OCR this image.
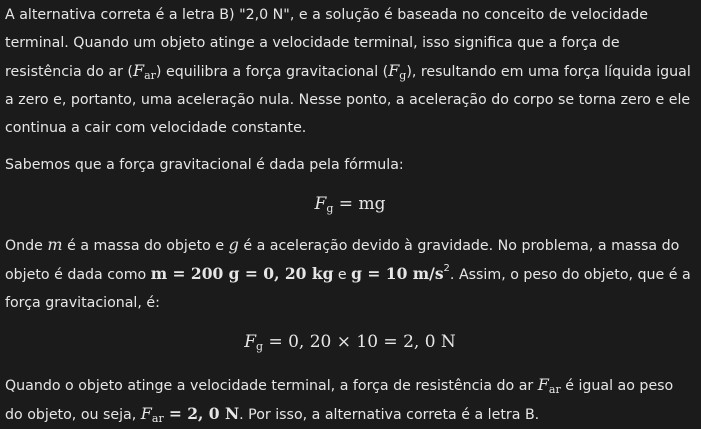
A alternativa correta é a letra B) "2,0 N", e a solução é baseada no conceito de velocidade terminal. Quando um objeto atinge a velocidade terminal, isso significa que a força de resistência do ar $(F_{ar})$ equilibra a força gravitacional $(F_g)$, resultando em uma força líquida igual a zero e, portanto, uma aceleração nula. Nesse ponto, a aceleração do corpo se torna zero e ele continua a cair com velocidade constante.

Sabemos que a força gravitacional é dada pela fórmula:

$F_g$ = mg

Onde m é a massa do objeto e g é a aceleração devido à gravidade. No problema, a massa do objeto é dada como m = 200 g = 0, 20 kg e g = 10 $m/s^2$. Assim, o peso do objeto, que é a força gravitacional, é:

$F_g = 0$, 20 × 10 = 2, 0 N

Quando o objeto atinge a velocidade terminal, a força de resistência do ar $F_{ar}$ é igual ao peso do objeto, ou seja, $F_{ar} = 2$, 0 N. Por isso, a alternativa correta é a letra B.
